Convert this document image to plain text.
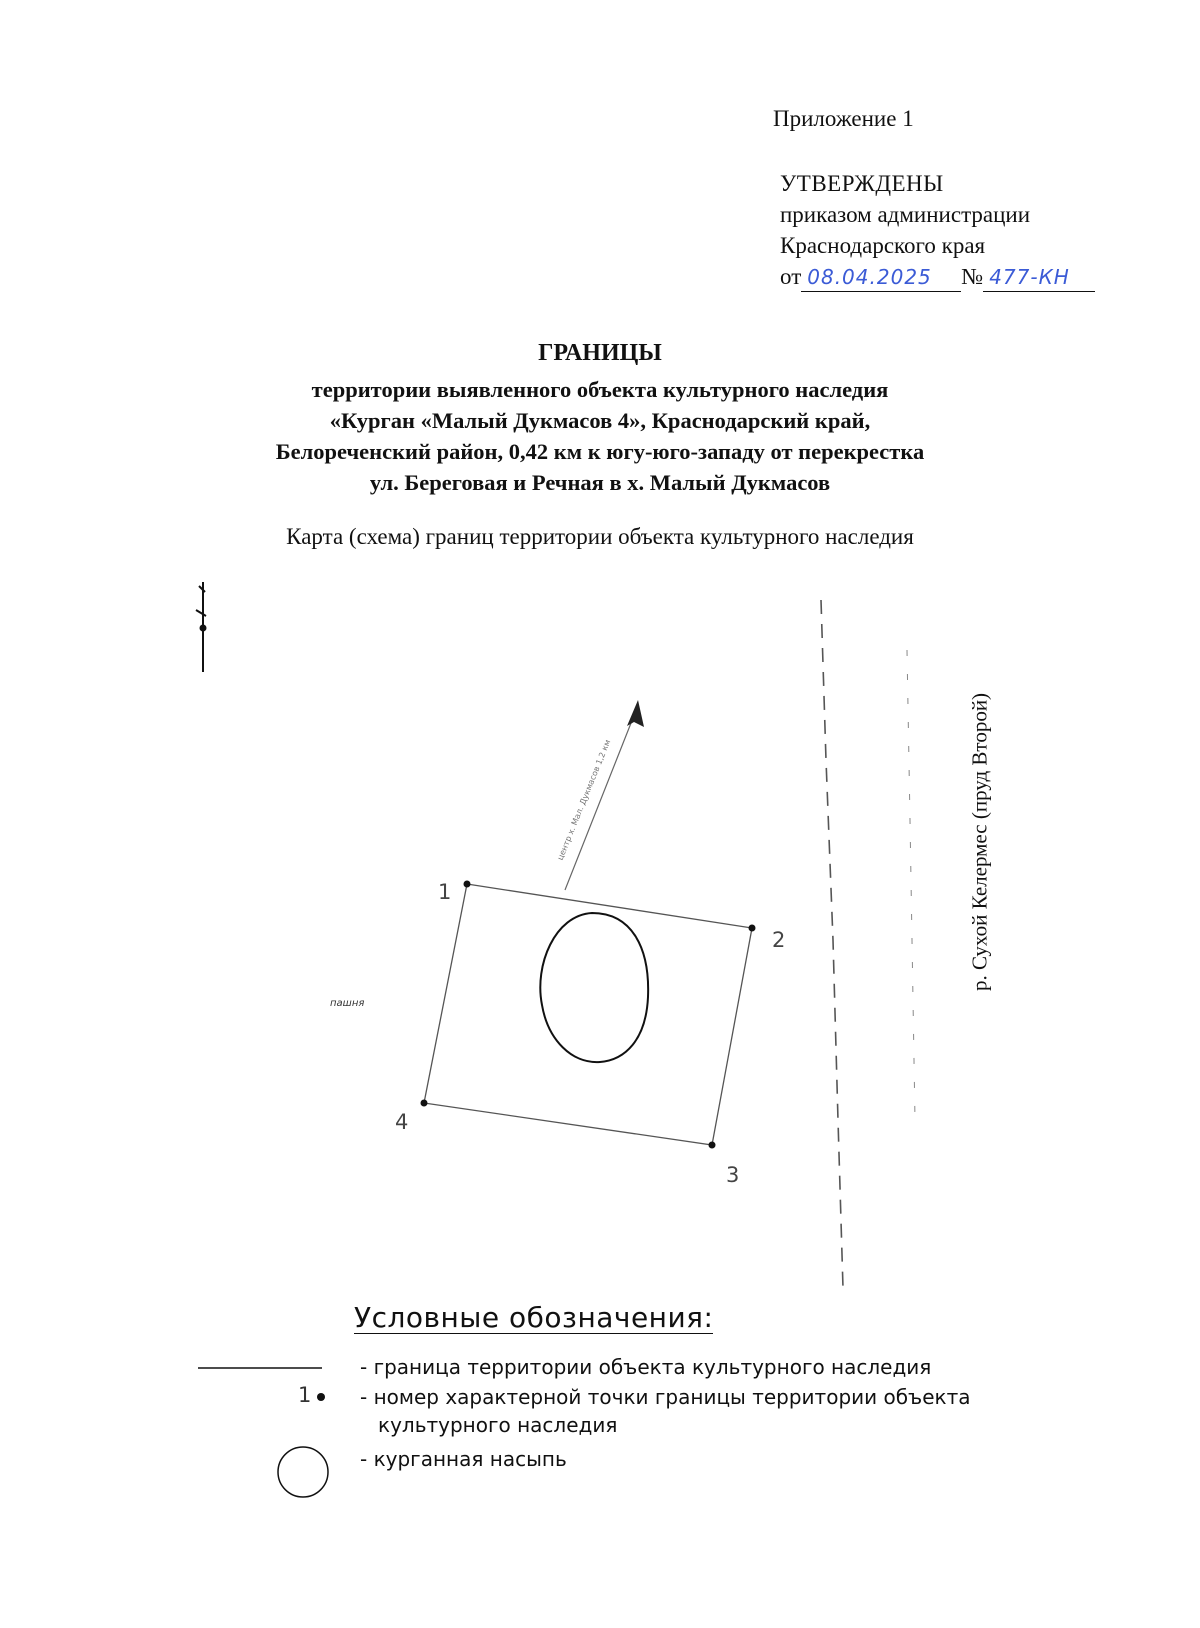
Приложение 1
УТВЕРЖДЕНЫ
приказом администрации
Краснодарского края
от 08.04.2025 № 477-КН
ГРАНИЦЫ
территории выявленного объекта культурного наследия
«Курган «Малый Дукмасов 4», Краснодарский край,
Белореченский район, 0,42 км к югу-юго-западу от перекрестка
ул. Береговая и Речная в х. Малый Дукмасов
Карта (схема) границ территории объекта культурного наследия
1
2
3
4
пашня
центр х. Мал. Дукмасов 1,2 км	р. Сухой Келермес (пруд Второй)
Условные обозначения:
- граница территории объекта культурного наследия
1 - номер характерной точки границы территории объекта
культурного наследия
- курганная насыпь
